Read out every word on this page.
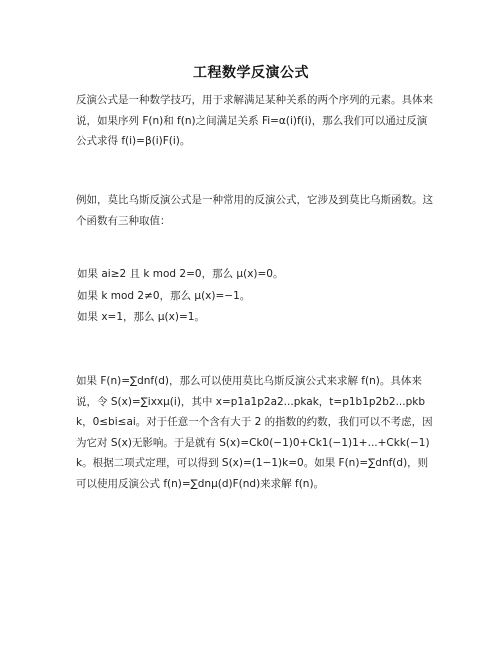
工程数学反演公式
反演公式是一种数学技巧，用于求解满足某种关系的两个序列的元素。具体来说，如果序列 F(n)和 f(n)之间满足关系 Fi=α(i)f(i)，那么我们可以通过反演公式求得 f(i)=β(i)F(i)。
例如，莫比乌斯反演公式是一种常用的反演公式，它涉及到莫比乌斯函数。这个函数有三种取值：
如果 ai≥2 且 k mod 2=0，那么 μ(x)=0。
如果 k mod 2≠0，那么 μ(x)=−1。
如果 x=1，那么 μ(x)=1。
如果 F(n)=∑dnf(d)，那么可以使用莫比乌斯反演公式来求解 f(n)。具体来说，令 S(x)=∑ixxμ(i)，其中 x=p1a1p2a2...pkak，t=p1b1p2b2...pkbk，0≤bi≤ai。对于任意一个含有大于 2 的指数的约数，我们可以不考虑，因为它对 S(x)无影响。于是就有 S(x)=Ck0(−1)0+Ck1(−1)1+...+Ckk(−1)k。根据二项式定理，可以得到 S(x)=(1−1)k=0。如果 F(n)=∑dnf(d)，则可以使用反演公式 f(n)=∑dnμ(d)F(nd)来求解 f(n)。
